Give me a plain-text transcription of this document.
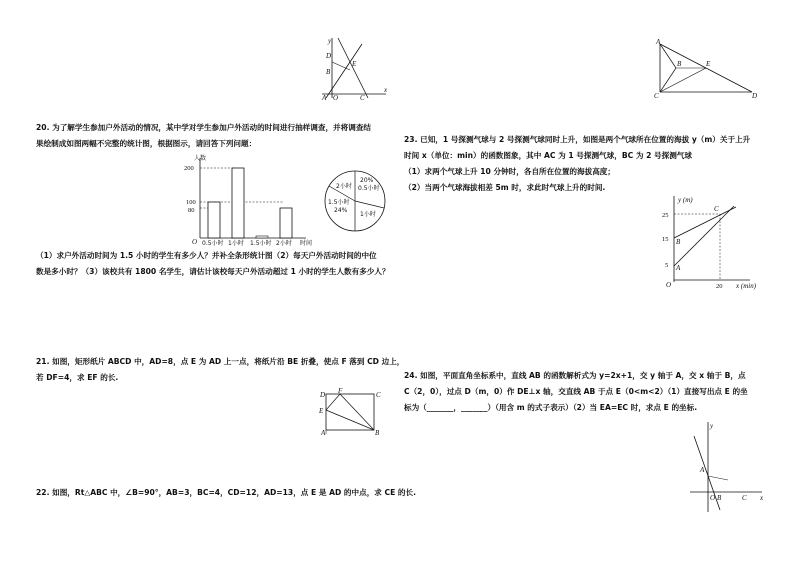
y
x
D
E
B
A O	C
20. 为了解学生参加户外活动的情况，某中学对学生参加户外活动的时间进行抽样调查，并将调查结
果绘制成如图两幅不完整的统计图，根据图示，请回答下列问题：
人数
200
100
80
O 0.5小时 1小时 1.5小时 2小时 时间
2小时
20%
0.5小时
1.5小时
24%
1小时
（1）求户外活动时间为 1.5 小时的学生有多少人？并补全条形统计图（2）每天户外活动时间的中位
数是多小时？（3）该校共有 1800 名学生，请估计该校每天户外活动超过 1 小时的学生人数有多少人？
21. 如图，矩形纸片 ABCD 中，AD=8，点 E 为 AD 上一点，将纸片沿 BE 折叠，使点 F 落到 CD 边上，
若 DF=4，求 EF 的长.
D F	C
E
A	B
22. 如图，Rt△ABC 中，∠B=90°，AB=3，BC=4，CD=12，AD=13，点 E 是 AD 的中点，求 CE 的长.
A
B	E
C	D
23. 已知，1 号探测气球与 2 号探测气球同时上升，如图是两个气球所在位置的海拔 y（m）关于上升
时间 x（单位：min）的函数图象，其中 AC 为 1 号探测气球，BC 为 2 号探测气球
（1）求两个气球上升 10 分钟时，各自所在位置的海拔高度；
（2）当两个气球海拔相差 5m 时，求此时气球上升的时间.
y (m)
x (min)
25
15
5
20
O
A
B
C
24. 如图，平面直角坐标系中，直线 AB 的函数解析式为 y=2x+1，交 y 轴于 A，交 x 轴于 B，点
C（2，0），过点 D（m，0）作 DE⊥x 轴，交直线 AB 于点 E（0<m<2）（1）直接写出点 E 的坐
标为（_______，_______）（用含 m 的式子表示）（2）当 EA=EC 时，求点 E 的坐标.
y
x
A
O B	C
